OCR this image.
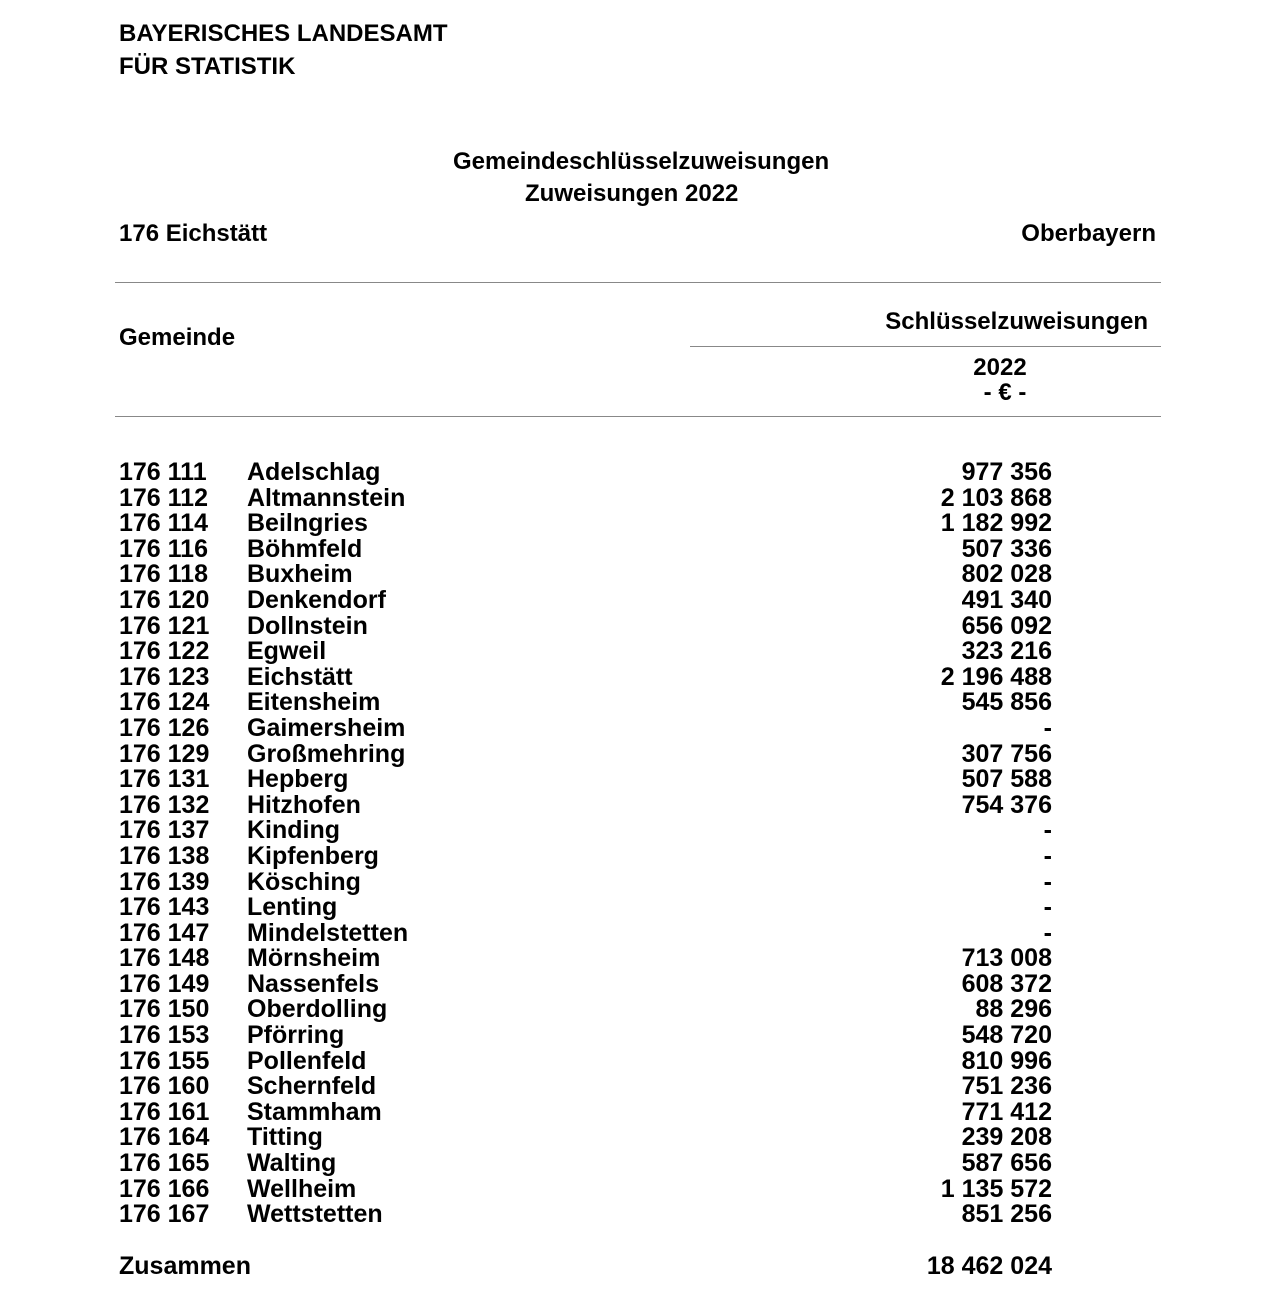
BAYERISCHES LANDESAMT
FÜR STATISTIK
Gemeindeschlüsselzuweisungen
Zuweisungen 2022
176 Eichstätt	Oberbayern
Gemeinde
Schlüsselzuweisungen
2022
- € -
176 111 Adelschlag	977 356
176 112 Altmannstein	2 103 868
176 114 Beilngries	1 182 992
176 116 Böhmfeld	507 336
176 118 Buxheim	802 028
176 120 Denkendorf	491 340
176 121 Dollnstein	656 092
176 122 Egweil	323 216
176 123 Eichstätt	2 196 488
176 124 Eitensheim	545 856
176 126 Gaimersheim	-
176 129 Großmehring	307 756
176 131 Hepberg	507 588
176 132 Hitzhofen	754 376
176 137 Kinding	-
176 138 Kipfenberg	-
176 139 Kösching	-
176 143 Lenting	-
176 147 Mindelstetten	-
176 148 Mörnsheim	713 008
176 149 Nassenfels	608 372
176 150 Oberdolling	88 296
176 153 Pförring	548 720
176 155 Pollenfeld	810 996
176 160 Schernfeld	751 236
176 161 Stammham	771 412
176 164 Titting	239 208
176 165 Walting	587 656
176 166 Wellheim	1 135 572
176 167 Wettstetten	851 256
Zusammen	18 462 024
